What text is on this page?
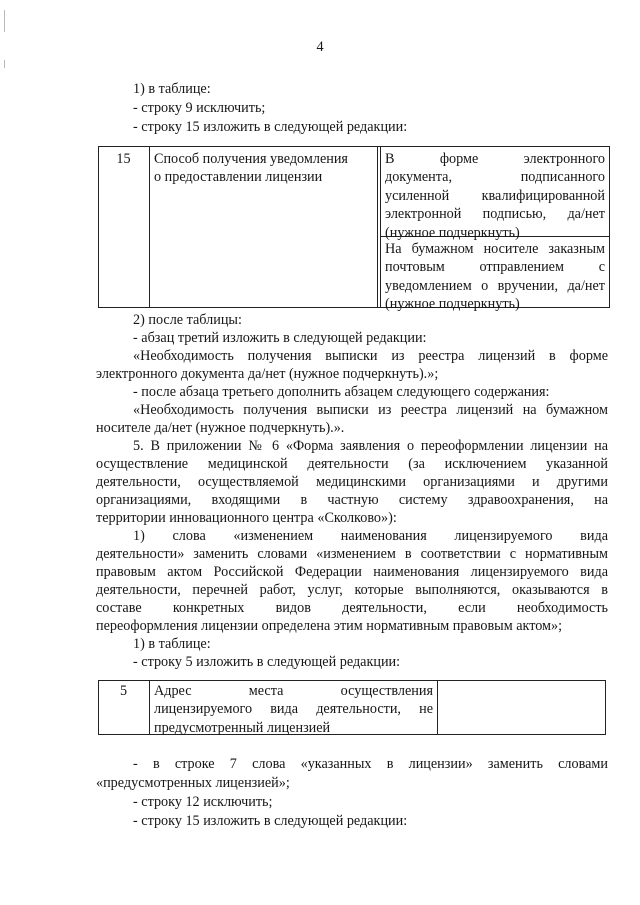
4
1) в таблице:
- строку 9 исключить;
- строку 15 изложить в следующей редакции:
15	Способ получения уведомления
о предоставлении лицензии
В форме электронного
документа, подписанного
усиленной квалифицированной
электронной подписью, да/нет
(нужное подчеркнуть)
На бумажном носителе заказным
почтовым отправлением с
уведомлением о вручении, да/нет
(нужное подчеркнуть)
2) после таблицы:
- абзац третий изложить в следующей редакции:
«Необходимость получения выписки из реестра лицензий в форме
электронного документа да/нет (нужное подчеркнуть).»;
- после абзаца третьего дополнить абзацем следующего содержания:
«Необходимость получения выписки из реестра лицензий на бумажном
носителе да/нет (нужное подчеркнуть).».
5. В приложении № 6 «Форма заявления о переоформлении лицензии на
осуществление медицинской деятельности (за исключением указанной
деятельности, осуществляемой медицинскими организациями и другими
организациями, входящими в частную систему здравоохранения, на
территории инновационного центра «Сколково»):
1) слова «изменением наименования лицензируемого вида
деятельности» заменить словами «изменением в соответствии с нормативным
правовым актом Российской Федерации наименования лицензируемого вида
деятельности, перечней работ, услуг, которые выполняются, оказываются в
составе конкретных видов деятельности, если необходимость
переоформления лицензии определена этим нормативным правовым актом»;
1) в таблице:
- строку 5 изложить в следующей редакции:
5	Адрес места осуществления
лицензируемого вида деятельности, не
предусмотренный лицензией
- в строке 7 слова «указанных в лицензии» заменить словами
«предусмотренных лицензией»;
- строку 12 исключить;
- строку 15 изложить в следующей редакции:
